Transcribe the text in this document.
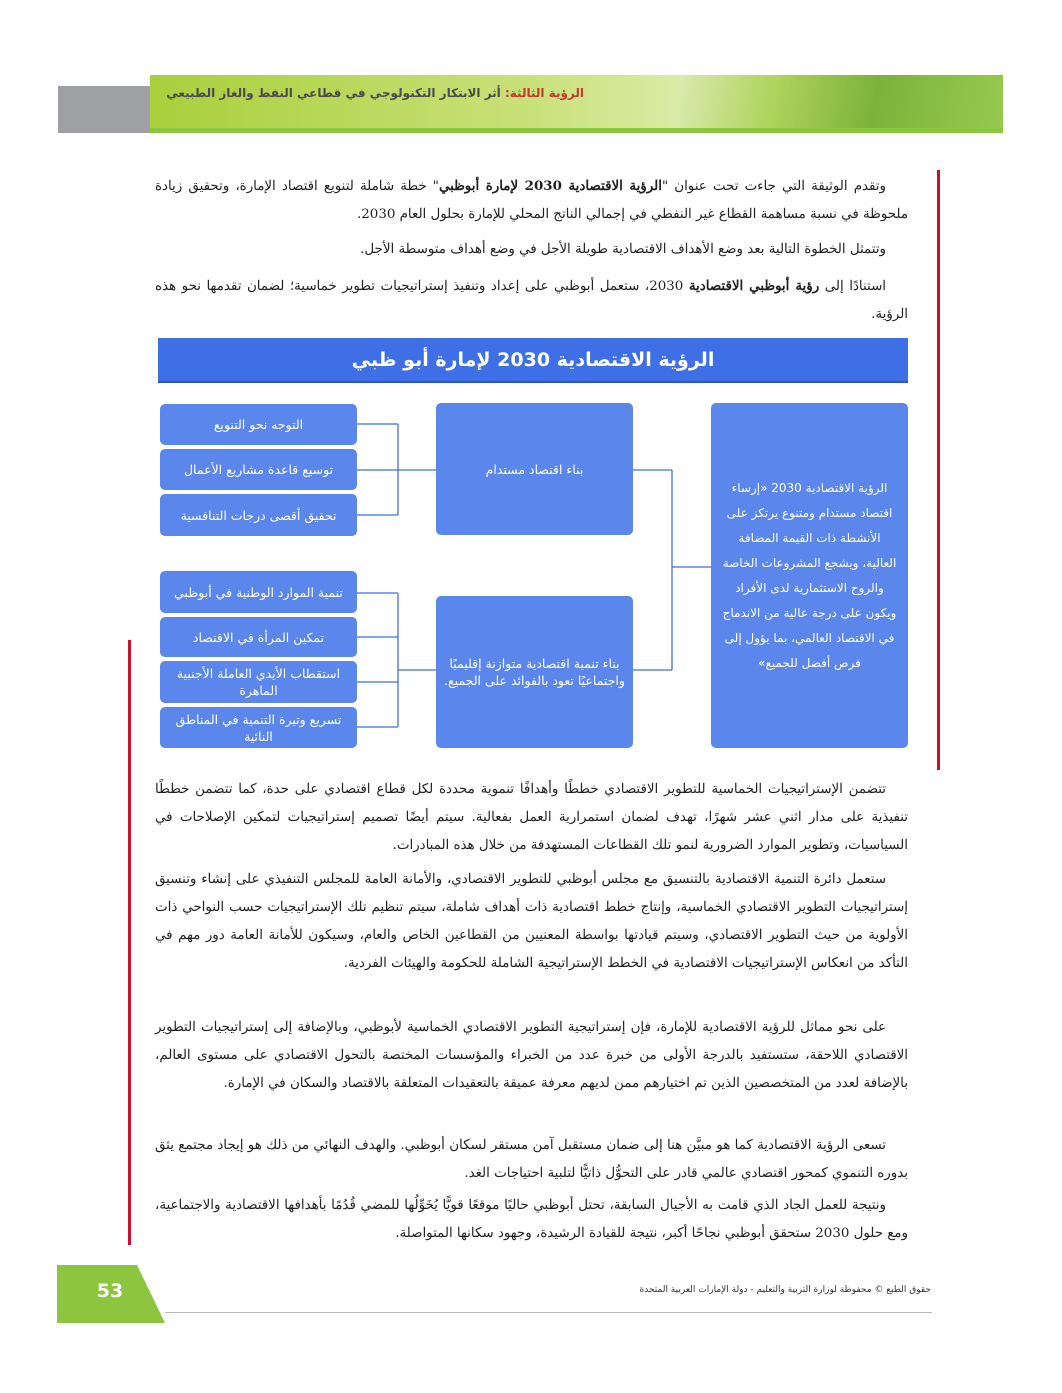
الرؤية الثالثة: أثر الابتكار التكنولوجي في قطاعي النفط والغاز الطبيعي

وتقدم الوثيقة التي جاءت تحت عنوان "الرؤية الاقتصادية 2030 لإمارة أبوظبي" خطة شاملة لتنويع اقتصاد الإمارة، وتحقيق زيادة ملحوظة في نسبة مساهمة القطاع غير النفطي في إجمالي الناتج المحلي للإمارة بحلول العام 2030.

وتتمثل الخطوة التالية بعد وضع الأهداف الاقتصادية طويلة الأجل في وضع أهداف متوسطة الأجل.

استنادًا إلى رؤية أبوظبي الاقتصادية 2030، ستعمل أبوظبي على إعداد وتنفيذ إستراتيجيات تطوير خماسية؛ لضمان تقدمها نحو هذه الرؤية.

الرؤية الاقتصادية 2030 لإمارة أبو ظبي
الرؤية الاقتصادية 2030 «إرساء اقتصاد مستدام ومتنوع يرتكز على الأنشطة ذات القيمة المضافة العالية، ويشجع المشروعات الخاصة والروح الاستثمارية لدى الأفراد ويكون على درجة عالية من الاندماج في الاقتصاد العالمي، بما يؤول إلى فرص أفضل للجميع»
بناء اقتصاد مستدام
بناء تنمية اقتصادية متوازنة إقليميًا واجتماعيًا تعود بالفوائد على الجميع.
التوجه نحو التنويع
توسيع قاعدة مشاريع الأعمال
تحقيق أقصى درجات التنافسية
تنمية الموارد الوطنية في أبوظبي
تمكين المرأة في الاقتصاد
استقطاب الأيدي العاملة الأجنبية الماهرة
تسريع وتيرة التنمية في المناطق النائية

تتضمن الإستراتيجيات الخماسية للتطوير الاقتصادي خططًا وأهدافًا تنموية محددة لكل قطاع اقتصادي على حدة، كما تتضمن خططًا تنفيذية على مدار اثني عشر شهرًا، تهدف لضمان استمرارية العمل بفعالية. سيتم أيضًا تصميم إستراتيجيات لتمكين الإصلاحات في السياسيات، وتطوير الموارد الضرورية لنمو تلك القطاعات المستهدفة من خلال هذه المبادرات.

ستعمل دائرة التنمية الاقتصادية بالتنسيق مع مجلس أبوظبي للتطوير الاقتصادي، والأمانة العامة للمجلس التنفيذي على إنشاء وتنسيق إستراتيجيات التطوير الاقتصادي الخماسية، وإنتاج خطط اقتصادية ذات أهداف شاملة، سيتم تنظيم تلك الإستراتيجيات حسب النواحي ذات الأولوية من حيث التطوير الاقتصادي، وسيتم قيادتها بواسطة المعنيين من القطاعين الخاص والعام، وسيكون للأمانة العامة دور مهم في التأكد من انعكاس الإستراتيجيات الاقتصادية في الخطط الإستراتيجية الشاملة للحكومة والهيئات الفردية.

على نحو مماثل للرؤية الاقتصادية للإمارة، فإن إستراتيجية التطوير الاقتصادي الخماسية لأبوظبي، وبالإضافة إلى إستراتيجيات التطوير الاقتصادي اللاحقة، ستستفيد بالدرجة الأولى من خبرة عدد من الخبراء والمؤسسات المختصة بالتحول الاقتصادي على مستوى العالم، بالإضافة لعدد من المتخصصين الذين تم اختيارهم ممن لديهم معرفة عميقة بالتعقيدات المتعلقة بالاقتصاد والسكان في الإمارة.

تسعى الرؤية الاقتصادية كما هو مبيَّن هنا إلى ضمان مستقبل آمن مستقر لسكان أبوظبي. والهدف النهائي من ذلك هو إيجاد مجتمع يثق بدوره التنموي كمحور اقتصادي عالمي قادر على التحوُّل ذاتيًّا لتلبية احتياجات الغد.

ونتيجة للعمل الجاد الذي قامت به الأجيال السابقة، تحتل أبوظبي حاليًا موقعًا قويًّا يُخَوِّلُها للمضي قُدُمًا بأهدافها الاقتصادية والاجتماعية، ومع حلول 2030 ستحقق أبوظبي نجاحًا أكبر، نتيجة للقيادة الرشيدة، وجهود سكانها المتواصلة.

53	حقوق الطبع © محفوظة لوزارة التربية والتعليم - دولة الإمارات العربية المتحدة
